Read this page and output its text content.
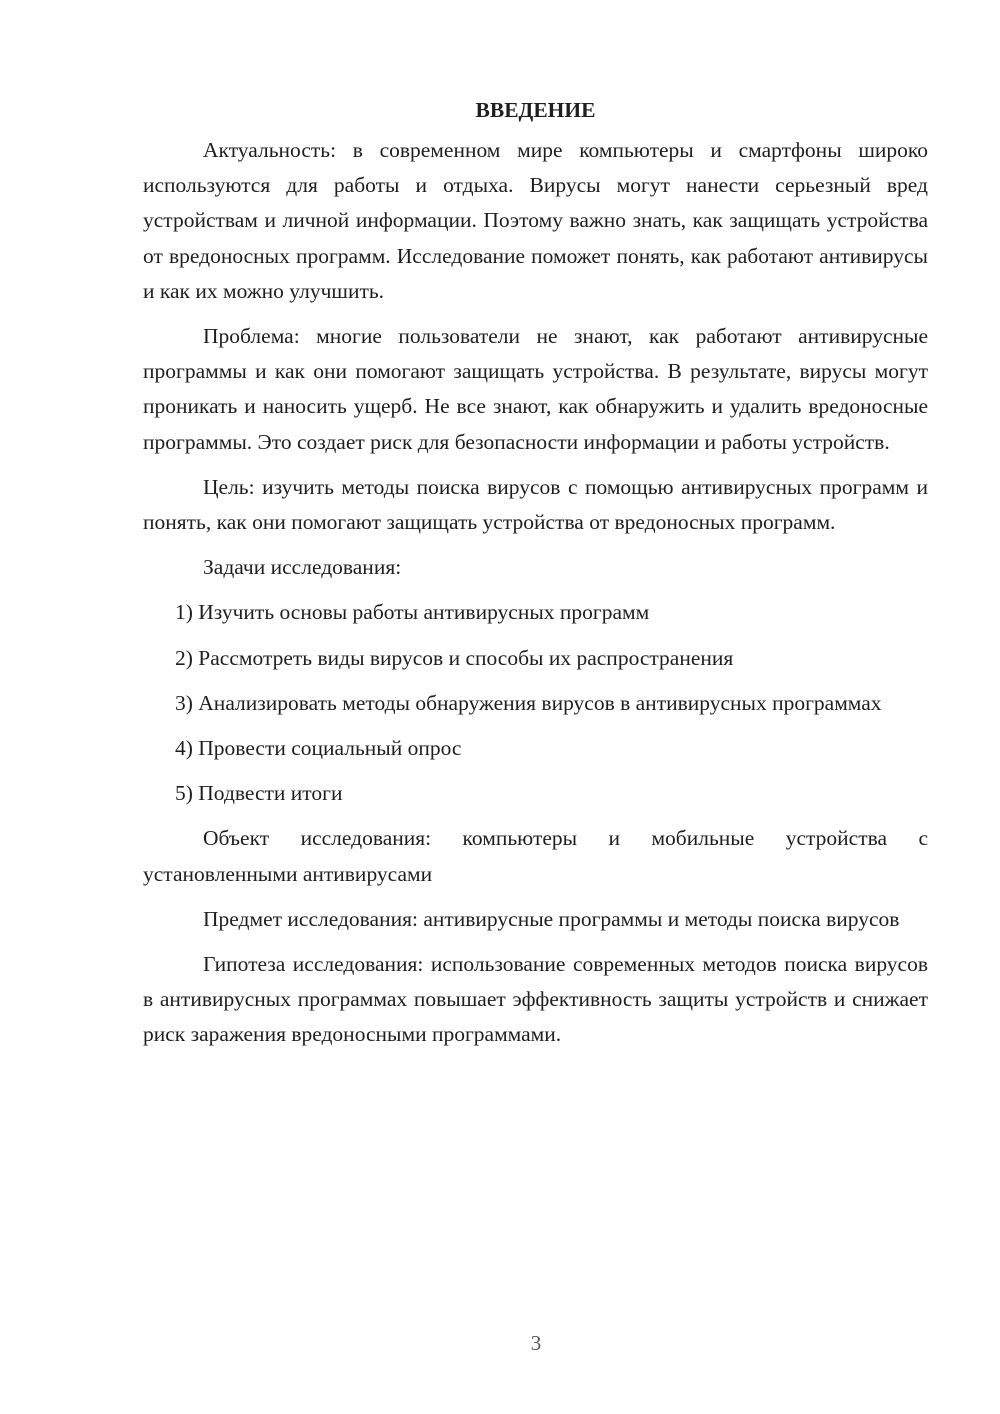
ВВЕДЕНИЕ

Актуальность: в современном мире компьютеры и смартфоны широко используются для работы и отдыха. Вирусы могут нанести серьезный вред устройствам и личной информации. Поэтому важно знать, как защищать устройства от вредоносных программ. Исследование поможет понять, как работают антивирусы и как их можно улучшить.

Проблема: многие пользователи не знают, как работают антивирусные программы и как они помогают защищать устройства. В результате, вирусы могут проникать и наносить ущерб. Не все знают, как обнаружить и удалить вредоносные программы. Это создает риск для безопасности информации и работы устройств.

Цель: изучить методы поиска вирусов с помощью антивирусных программ и понять, как они помогают защищать устройства от вредоносных программ.

Задачи исследования:

1) Изучить основы работы антивирусных программ

2) Рассмотреть виды вирусов и способы их распространения

3) Анализировать методы обнаружения вирусов в антивирусных программах

4) Провести социальный опрос

5) Подвести итоги

Объект исследования: компьютеры и мобильные устройства с установленными антивирусами

Предмет исследования: антивирусные программы и методы поиска вирусов

Гипотеза исследования: использование современных методов поиска вирусов в антивирусных программах повышает эффективность защиты устройств и снижает риск заражения вредоносными программами.

3
